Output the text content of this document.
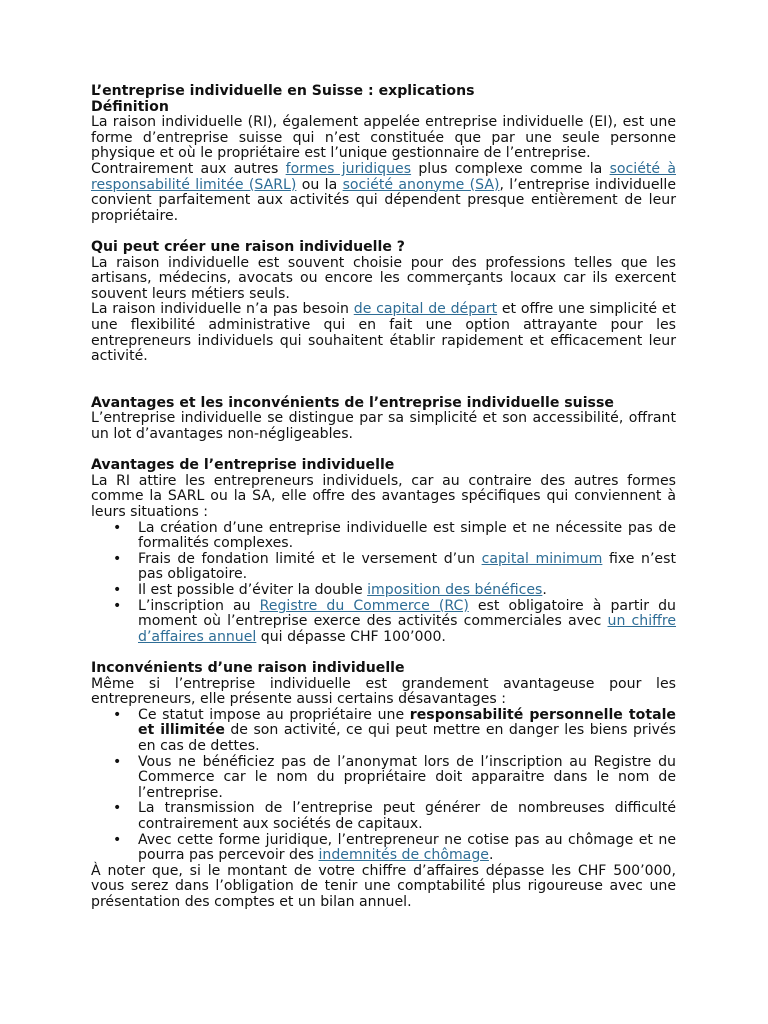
L’entreprise individuelle en Suisse : explications
Définition

La raison individuelle (RI), également appelée entreprise individuelle (EI), est une forme d’entreprise suisse qui n’est constituée que par une seule personne physique et où le propriétaire est l’unique gestionnaire de l’entreprise.

Contrairement aux autres formes juridiques plus complexe comme la société à responsabilité limitée (SARL) ou la société anonyme (SA), l’entreprise individuelle convient parfaitement aux activités qui dépendent presque entièrement de leur propriétaire.

Qui peut créer une raison individuelle ?

La raison individuelle est souvent choisie pour des professions telles que les artisans, médecins, avocats ou encore les commerçants locaux car ils exercent souvent leurs métiers seuls.

La raison individuelle n’a pas besoin de capital de départ et offre une simplicité et une flexibilité administrative qui en fait une option attrayante pour les entrepreneurs individuels qui souhaitent établir rapidement et efficacement leur activité.

Avantages et les inconvénients de l’entreprise individuelle suisse

L’entreprise individuelle se distingue par sa simplicité et son accessibilité, offrant un lot d’avantages non-négligeables.

Avantages de l’entreprise individuelle

La RI attire les entrepreneurs individuels, car au contraire des autres formes comme la SARL ou la SA, elle offre des avantages spécifiques qui conviennent à leurs situations :

• La création d’une entreprise individuelle est simple et ne nécessite pas de formalités complexes.
• Frais de fondation limité et le versement d’un capital minimum fixe n’est pas obligatoire.
• Il est possible d’éviter la double imposition des bénéfices.
• L’inscription au Registre du Commerce (RC) est obligatoire à partir du moment où l’entreprise exerce des activités commerciales avec un chiffre d’affaires annuel qui dépasse CHF 100’000.
Inconvénients d’une raison individuelle

Même si l’entreprise individuelle est grandement avantageuse pour les entrepreneurs, elle présente aussi certains désavantages :

• Ce statut impose au propriétaire une responsabilité personnelle totale et illimitée de son activité, ce qui peut mettre en danger les biens privés en cas de dettes.
• Vous ne bénéficiez pas de l’anonymat lors de l’inscription au Registre du Commerce car le nom du propriétaire doit apparaitre dans le nom de l’entreprise.
• La transmission de l’entreprise peut générer de nombreuses difficulté contrairement aux sociétés de capitaux.
• Avec cette forme juridique, l’entrepreneur ne cotise pas au chômage et ne pourra pas percevoir des indemnités de chômage.

À noter que, si le montant de votre chiffre d’affaires dépasse les CHF 500’000, vous serez dans l’obligation de tenir une comptabilité plus rigoureuse avec une présentation des comptes et un bilan annuel.
